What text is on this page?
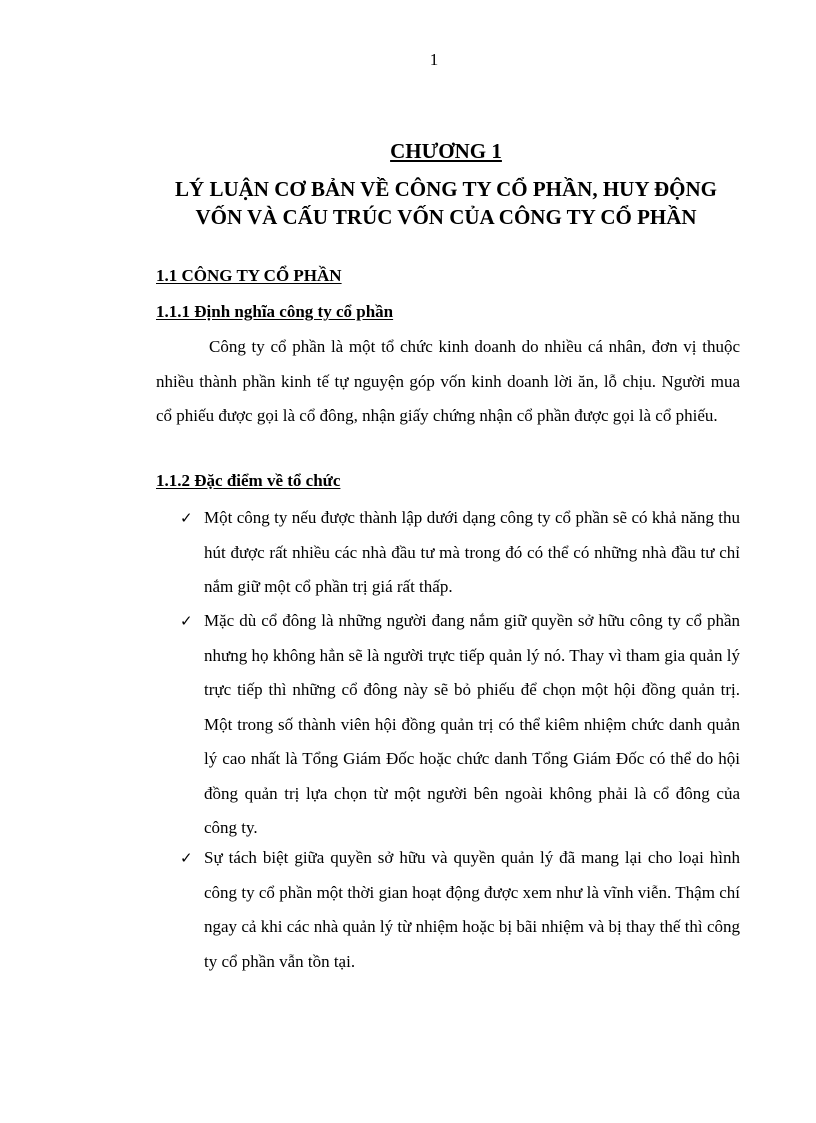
1
CHƯƠNG 1
LÝ LUẬN CƠ BẢN VỀ CÔNG TY CỔ PHẦN, HUY ĐỘNG
VỐN VÀ CẤU TRÚC VỐN CỦA CÔNG TY CỔ PHẦN
1.1 CÔNG TY CỔ PHẦN
1.1.1 Định nghĩa công ty cổ phần
Công ty cổ phần là một tổ chức kinh doanh do nhiều cá nhân, đơn vị thuộc nhiều thành phần kinh tế tự nguyện góp vốn kinh doanh lời ăn, lỗ chịu. Người mua cổ phiếu được gọi là cổ đông, nhận giấy chứng nhận cổ phần được gọi là cổ phiếu.
1.1.2 Đặc điểm về tổ chức
✓ Một công ty nếu được thành lập dưới dạng công ty cổ phần sẽ có khả năng thu hút được rất nhiều các nhà đầu tư mà trong đó có thể có những nhà đầu tư chỉ nắm giữ một cổ phần trị giá rất thấp.
✓ Mặc dù cổ đông là những người đang nắm giữ quyền sở hữu công ty cổ phần nhưng họ không hẳn sẽ là người trực tiếp quản lý nó. Thay vì tham gia quản lý trực tiếp thì những cổ đông này sẽ bỏ phiếu để chọn một hội đồng quản trị. Một trong số thành viên hội đồng quản trị có thể kiêm nhiệm chức danh quản lý cao nhất là Tổng Giám Đốc hoặc chức danh Tổng Giám Đốc có thể do hội đồng quản trị lựa chọn từ một người bên ngoài không phải là cổ đông của công ty.
✓ Sự tách biệt giữa quyền sở hữu và quyền quản lý đã mang lại cho loại hình công ty cổ phần một thời gian hoạt động được xem như là vĩnh viễn. Thậm chí ngay cả khi các nhà quản lý từ nhiệm hoặc bị bãi nhiệm và bị thay thế thì công ty cổ phần vẫn tồn tại.
